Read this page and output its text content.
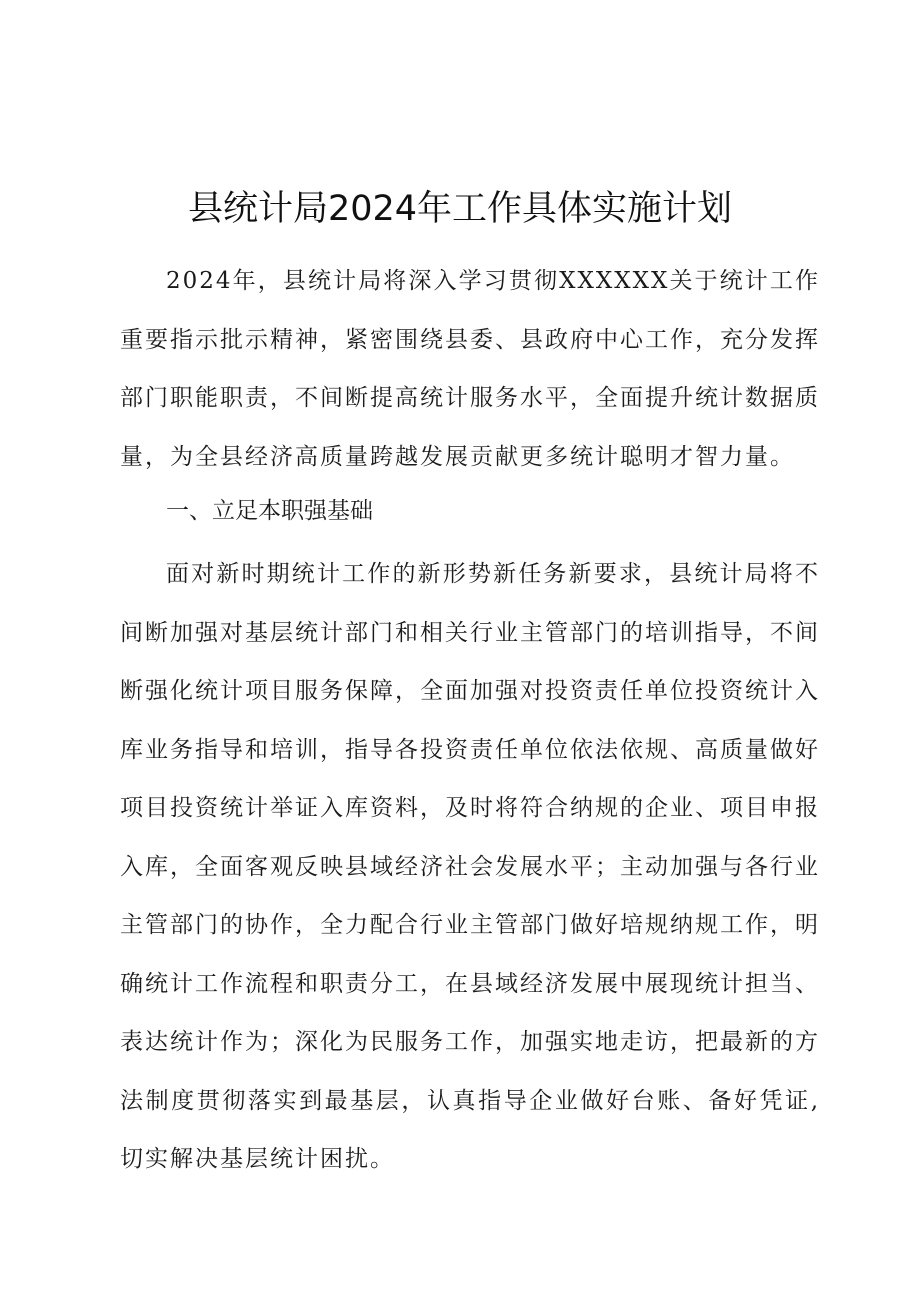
县统计局2024年工作具体实施计划

2024年，县统计局将深入学习贯彻XXXXXX关于统计工作重要指示批示精神，紧密围绕县委、县政府中心工作，充分发挥部门职能职责，不间断提高统计服务水平，全面提升统计数据质量，为全县经济高质量跨越发展贡献更多统计聪明才智力量。

一、立足本职强基础

面对新时期统计工作的新形势新任务新要求，县统计局将不间断加强对基层统计部门和相关行业主管部门的培训指导，不间断强化统计项目服务保障，全面加强对投资责任单位投资统计入库业务指导和培训，指导各投资责任单位依法依规、高质量做好项目投资统计举证入库资料，及时将符合纳规的企业、项目申报入库，全面客观反映县域经济社会发展水平；主动加强与各行业主管部门的协作，全力配合行业主管部门做好培规纳规工作，明确统计工作流程和职责分工，在县域经济发展中展现统计担当、表达统计作为；深化为民服务工作，加强实地走访，把最新的方法制度贯彻落实到最基层，认真指导企业做好台账、备好凭证,切实解决基层统计困扰。
